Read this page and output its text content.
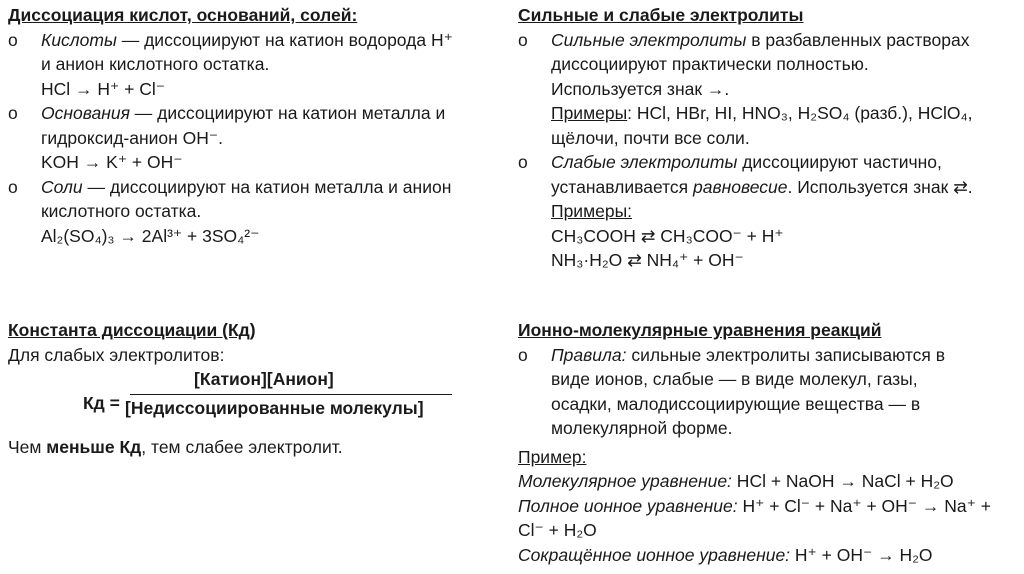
Диссоциация кислот, оснований, солей:
o Кислоты — диссоциируют на катион водорода H⁺
и анион кислотного остатка.
HCl → H⁺ + Cl⁻
o Основания — диссоциируют на катион металла и
гидроксид-анион OH⁻.
KOH → K⁺ + OH⁻
o Соли — диссоциируют на катион металла и анион
кислотного остатка.
Al₂(SO₄)₃ → 2Al³⁺ + 3SO₄²⁻
Сильные и слабые электролиты
o Сильные электролиты в разбавленных растворах
диссоциируют практически полностью.
Используется знак →.
Примеры: HCl, HBr, HI, HNO₃, H₂SO₄ (разб.), HClO₄,
щёлочи, почти все соли.
o Слабые электролиты диссоциируют частично,
устанавливается равновесие. Используется знак ⇄.
Примеры:
CH₃COOH ⇄ CH₃COO⁻ + H⁺
NH₃·H₂O ⇄ NH₄⁺ + OH⁻
Константа диссоциации (Кд)
Для слабых электролитов:
Кд =
[Катион][Анион]
[Недиссоциированные молекулы]
Чем меньше Кд, тем слабее электролит.
Ионно-молекулярные уравнения реакций
o Правила: сильные электролиты записываются в
виде ионов, слабые — в виде молекул, газы,
осадки, малодиссоциирующие вещества — в
молекулярной форме.
Пример:
Молекулярное уравнение: HCl + NaOH → NaCl + H₂O
Полное ионное уравнение: H⁺ + Cl⁻ + Na⁺ + OH⁻ → Na⁺ +
Cl⁻ + H₂O
Сокращённое ионное уравнение: H⁺ + OH⁻ → H₂O
